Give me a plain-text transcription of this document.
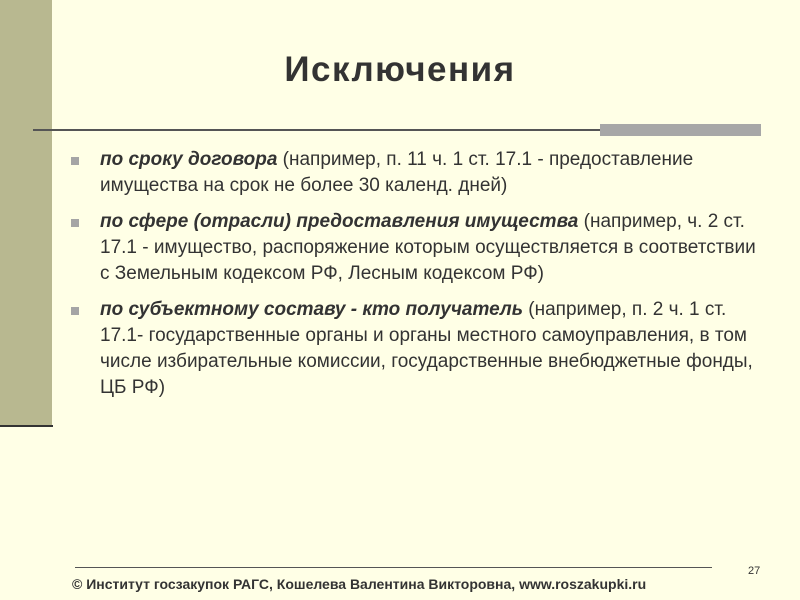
Исключения
по сроку договора (например, п. 11 ч. 1 ст. 17.1 - предоставление имущества на срок не более 30 календ. дней)
по сфере (отрасли) предоставления имущества (например, ч. 2 ст. 17.1 - имущество, распоряжение которым осуществляется в соответствии с Земельным кодексом РФ, Лесным кодексом РФ)
по субъектному составу - кто получатель (например, п. 2 ч. 1 ст. 17.1- государственные органы и органы местного самоуправления, в том числе избирательные комиссии, государственные внебюджетные фонды, ЦБ РФ)
27
© Институт госзакупок РАГС, Кошелева Валентина Викторовна, www.roszakupki.ru
